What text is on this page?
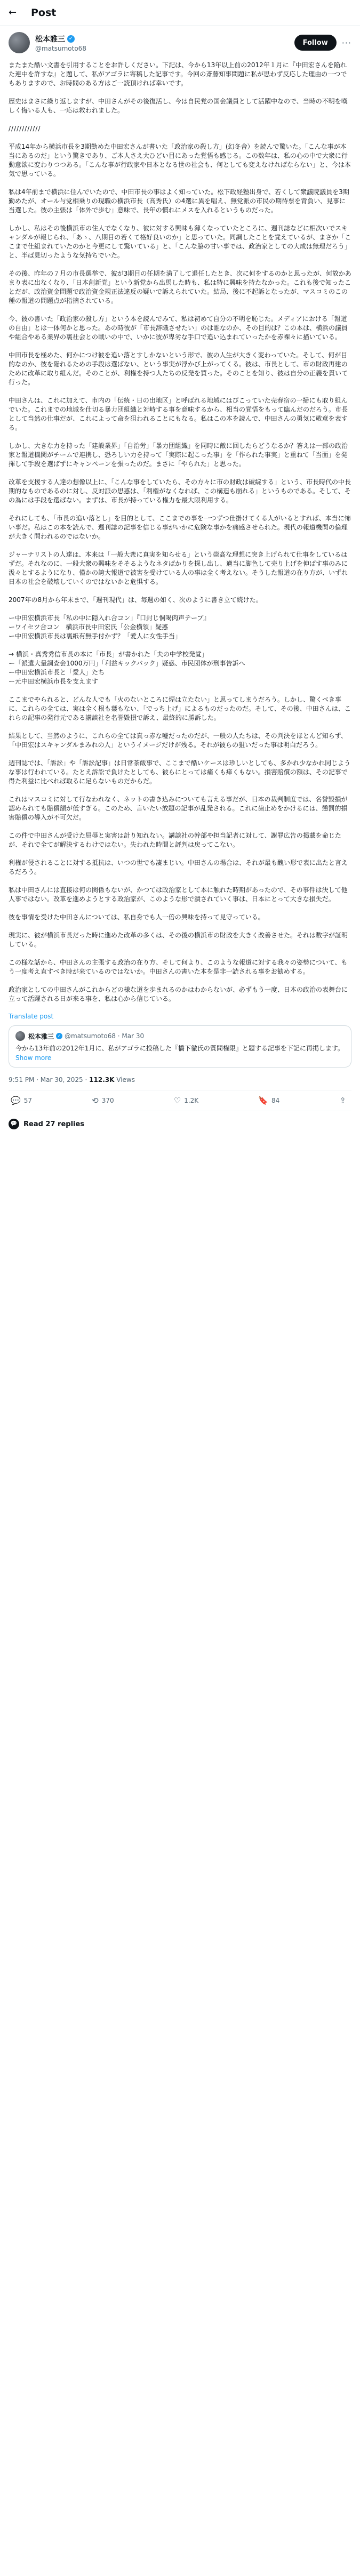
←	Post
松本雅三 ✓
@matsumoto68
Follow	···
またまた酷い文書を引用することをお許しください。下記は、今から13年以上前の2012年１月に『中田宏さんを陥れた連中を許すな』と題して、私がアゴラに寄稿した記事です。今回の斎藤知事問題に私が思わず反応した理由の一つでもありますので、お時間のある方はご一読頂ければ幸いです。
歴史はまさに繰り返しますが、中田さんがその後復活し、今は自民党の国会議員として活躍中なので、当時の不明を嘆しく悔いる人も、一応は救われました。
////////////
平成14年から横浜市長を3期勤めた中田宏さんが書いた「政治家の殺し方」(幻冬舎）を読んで驚いた。「こんな事が本当にあるのだ」という驚きであり、ご本人さえ大ひどい目にあった覚悟も感じる。この数年は、私の心の中で大衆に行動意欲に変わりつつある。「こんな事が行政家や日本となる世の社会も、何としても変えなければならない」と、今は本気で思っている。
私は4年前まで横浜に住んでいたので、中田市長の事はよく知っていた。松下政経塾出身で、若くして衆議院議員を3期勤めたが、オール与党相乗りの現職の横浜市長（高秀氏）の4選に異を唱え、無党派の市民の期待票を背負い、見事に当選した。彼の主張は「体外で歩む」意味で、長年の慣れにメスを入れるというものだった。
しかし、私はその後横浜市の住人でなくなり、彼に対する興味も薄くなっていたところに、週刊誌などに相次いでスキャンダルが報じられ、「あゝ、八期目の若くて格好良いのか」と思っていた。同調したことを覚えているが、まさか「ここまで仕組まれていたのかと今更にして驚いている」と、「こんな脇の甘い事では、政治家としての大成は無理だろう」と、半ば見切ったような気持ちでいた。
その後、昨年の７月の市長選挙で、彼が3期目の任期を満了して退任したとき、次に何をするのかと思ったが、何故かあまり表に出なくなり、「日本創新党」という新党から出馬した時も、私は特に興味を持たなかった。これも後で知ったことだが、政治資金問題で政治資金規正法違反の疑いで訴えられていた。結局、後に不起訴となったが、マスコミのこの種の報道の問題点が指摘されている。
今、彼の書いた「政治家の殺し方」という本を読んでみて、私は初めて自分の不明を恥じた。メディアにおける「報道の自由」とは一体何かと思った。あの時彼が「市長辞職させたい」のは誰なのか、その目的は？この本は、横浜の議員や組合やある業界の裏社会との戦いの中で、いかに彼が卑劣な手口で追い込まれていったかを赤裸々に描いている。
中田市長を極めた、何かにつけ彼を追い落とすしかないという形で、彼の人生が大きく変わっていた。そして、何が目的なのか、彼を陥れるための手段は選ばない、という事実が浮かび上がってくる。彼は、市長として、市の財政再建のために改革に取り組んだ。そのことが、利権を持つ人たちの反発を買った。そのことを知り、彼は自分の正義を貫いて行った。
中田さんは、これに加えて、市内の「伝統・日の出地区」と呼ばれる地域にはびこっていた売春宿の一掃にも取り組んでいた。これまでの地域を仕切る暴力団組織と対峙する事を意味するから、相当の覚悟をもって臨んだのだろう。市長として当然の仕事だが、これによって命を狙われることにもなる。私はこの本を読んで、中田さんの勇気に敬意を表する。
しかし、大きな力を持った「建設業界」「自治労」「暴力団組織」を同時に敵に回したらどうなるか？答えは一部の政治家と報道機関がチームで連携し、恐ろしい力を持って「実際に起こった事」を「作られた事実」と重ねて「当面」を発揮して手段を選ばずにキャンペーンを張ったのだ。まさに「やられた」と思った。
改革を支援する人達の想像以上に、「こんな事をしていたら、その方々に市の財政は破綻する」という、市長時代の中長期的なものであるのに対し、反対派の思惑は、「利権がなくなれば、この構造も崩れる」というものである。そして、その為には手段を選ばない。まずは、市長が持っている権力を最大限利用する。
それにしても、「市長の追い落とし」を目的として、ここまでの事を一つずつ仕掛けてくる人がいるとすれば、本当に怖い事だ。私はこの本を読んで、週刊誌の記事を信じる事がいかに危険な事かを痛感させられた。現代の報道機関の倫理が大きく問われるのではないか。
ジャーナリストの人達は、本来は「一般大衆に真実を知らせる」という崇高な理想に突き上げられて仕事をしているはずだ。それなのに、一般大衆の興味をそそるようなネタばかりを探し出し、適当に脚色して売り上げを伸ばす事のみに汲々とするようになり、僅かの誇大報道で被害を受けている人の事は全く考えない。そうした報道の在り方が、いずれ日本の社会を破壊していくのではないかと危惧する。
2007年の8月から年末まで、「週刊現代」は、毎週の如く、次のように書き立て続けた。
ー中田宏横浜市長「私の中に隠入れ合コン」『口封じ恫喝肉声テープ』
ーワイセツ合コン　横浜市長中田宏氏「公金横領」疑惑
ー中田宏横浜市長は裏紙有無手付かず？「愛人に女性手当」
→ 横浜・真秀秀信市長の本に「市長」が書かれた「夫の中学校発覚」
ー「派遣大量調査会1000万円」「利益キックバック」疑惑、市民団体が刑事告訴へ
ー中田宏横浜市長と「愛人」たち
ー元中田宏横浜市長を支えます
ここまでやられると、どんな人でも「火のないところに煙は立たない」と思ってしまうだろう。しかし、驚くべき事に、これらの全ては、実は全く根も葉もない、「でっち上げ」によるものだったのだ。そして、その後、中田さんは、これらの記事の発行元である講談社を名誉毀損で訴え、最終的に勝訴した。
結果として、当然のように、これらの全ては真っ赤な嘘だったのだが、一般の人たちは、その判決をほとんど知らず、「中田宏はスキャンダルまみれの人」というイメージだけが残る。それが彼らの狙いだった事は明白だろう。
週刊誌では、「訴訟」や「訴訟記事」は日常茶飯事で、ここまで酷いケースは珍しいとしても、多かれ少なかれ同じような事は行われている。たとえ訴訟で負けたとしても、彼らにとっては痛くも痒くもない。損害賠償の額は、その記事で得た利益に比べれば取るに足らないものだからだ。
これはマスコミに対して行なわれなく、ネットの書き込みについても言える事だが、日本の裁判制度では、名誉毀損が認められても賠償額が低すぎる。このため、言いたい放題の記事が乱発される。これに歯止めをかけるには、懲罰的損害賠償の導入が不可欠だ。
この件で中田さんが受けた屈辱と実害は計り知れない。講談社の幹部や担当記者に対して、謝罪広告の掲載を命じたが、それで全てが解決するわけではない。失われた時間と評判は戻ってこない。
利権が侵されることに対する抵抗は、いつの世でも凄まじい。中田さんの場合は、それが最も醜い形で表に出たと言えるだろう。
私は中田さんには直接は何の関係もないが、かつては政治家として本に触れた時期があったので、その事件は決して他人事ではない。改革を進めようとする政治家が、このような形で潰されていく事は、日本にとって大きな損失だ。
彼を事情を受けた中田さんについては、私自身でも人一倍の興味を持って見守っている。
現実に、彼が横浜市長だった時に進めた改革の多くは、その後の横浜市の財政を大きく改善させた。それは数字が証明している。
この様な話から、中田さんの主張する政治の在り方、そして何より、このような報道に対する我々の姿勢について、もう一度考え直すべき時が来ているのではないか。中田さんの書いた本を是非一読される事をお勧めする。
政治家としての中田さんがこれからどの様な道を歩まれるのかはわからないが、必ずもう一度、日本の政治の表舞台に立って活躍される日が来る事を、私は心から信じている。
Translate post
松本雅三 ✓ @matsumoto68 · Mar 30
今から13年前の2012年1月に、私がアゴラに投稿した『橋下徹氏の質問権限』と題する記事を下記に再掲します。
Show more
9:51 PM · Mar 30, 2025 · 112.3K Views
💬 57	⟲ 370	♡ 1.2K	🔖 84	⇪
💬 Read 27 replies
